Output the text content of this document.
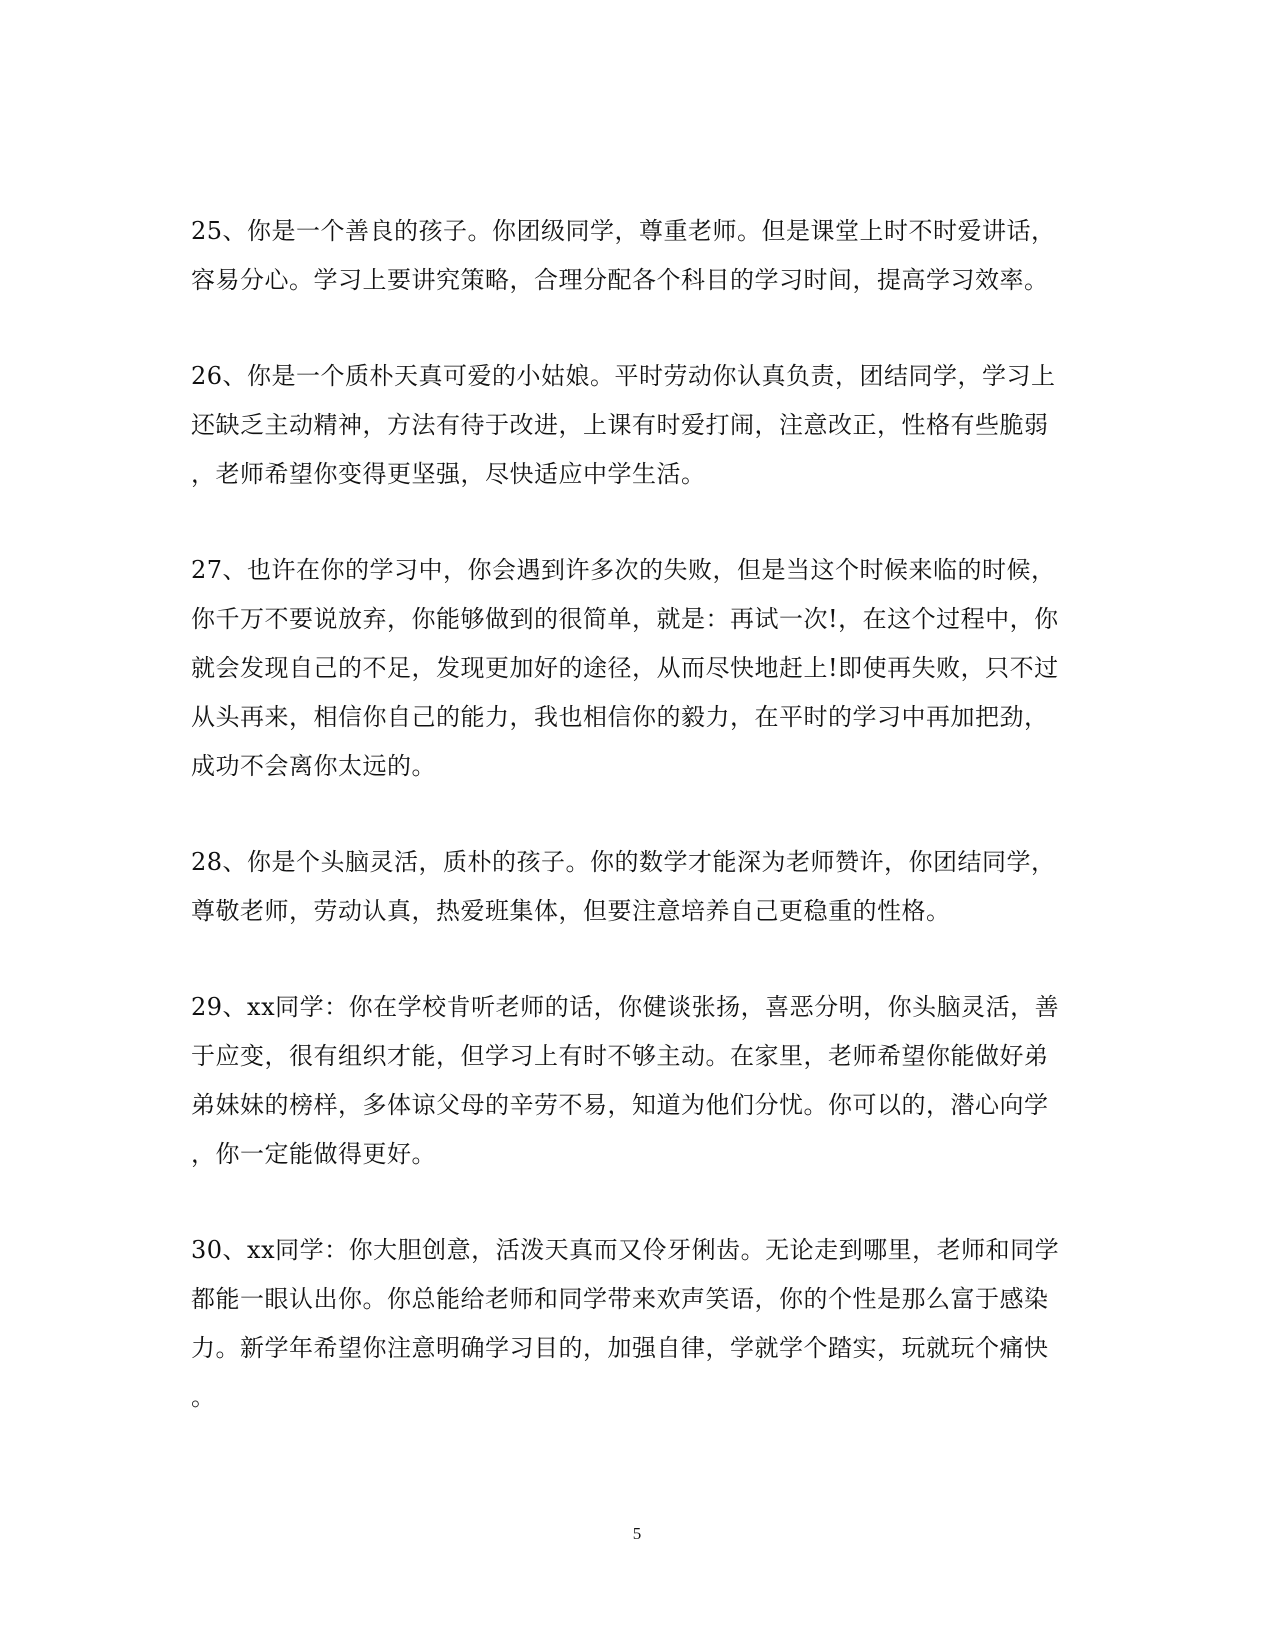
25、你是一个善良的孩子。你团级同学，尊重老师。但是课堂上时不时爱讲话，
容易分心。学习上要讲究策略，合理分配各个科目的学习时间，提高学习效率。
26、你是一个质朴天真可爱的小姑娘。平时劳动你认真负责，团结同学，学习上
还缺乏主动精神，方法有待于改进，上课有时爱打闹，注意改正，性格有些脆弱
，老师希望你变得更坚强，尽快适应中学生活。
27、也许在你的学习中，你会遇到许多次的失败，但是当这个时候来临的时候，
你千万不要说放弃，你能够做到的很简单，就是：再试一次!，在这个过程中，你
就会发现自己的不足，发现更加好的途径，从而尽快地赶上!即使再失败，只不过
从头再来，相信你自己的能力，我也相信你的毅力，在平时的学习中再加把劲，
成功不会离你太远的。
28、你是个头脑灵活，质朴的孩子。你的数学才能深为老师赞许，你团结同学，
尊敬老师，劳动认真，热爱班集体，但要注意培养自己更稳重的性格。
29、xx同学：你在学校肯听老师的话，你健谈张扬，喜恶分明，你头脑灵活，善
于应变，很有组织才能，但学习上有时不够主动。在家里，老师希望你能做好弟
弟妹妹的榜样，多体谅父母的辛劳不易，知道为他们分忧。你可以的，潜心向学
，你一定能做得更好。
30、xx同学：你大胆创意，活泼天真而又伶牙俐齿。无论走到哪里，老师和同学
都能一眼认出你。你总能给老师和同学带来欢声笑语，你的个性是那么富于感染
力。新学年希望你注意明确学习目的，加强自律，学就学个踏实，玩就玩个痛快
。
5
